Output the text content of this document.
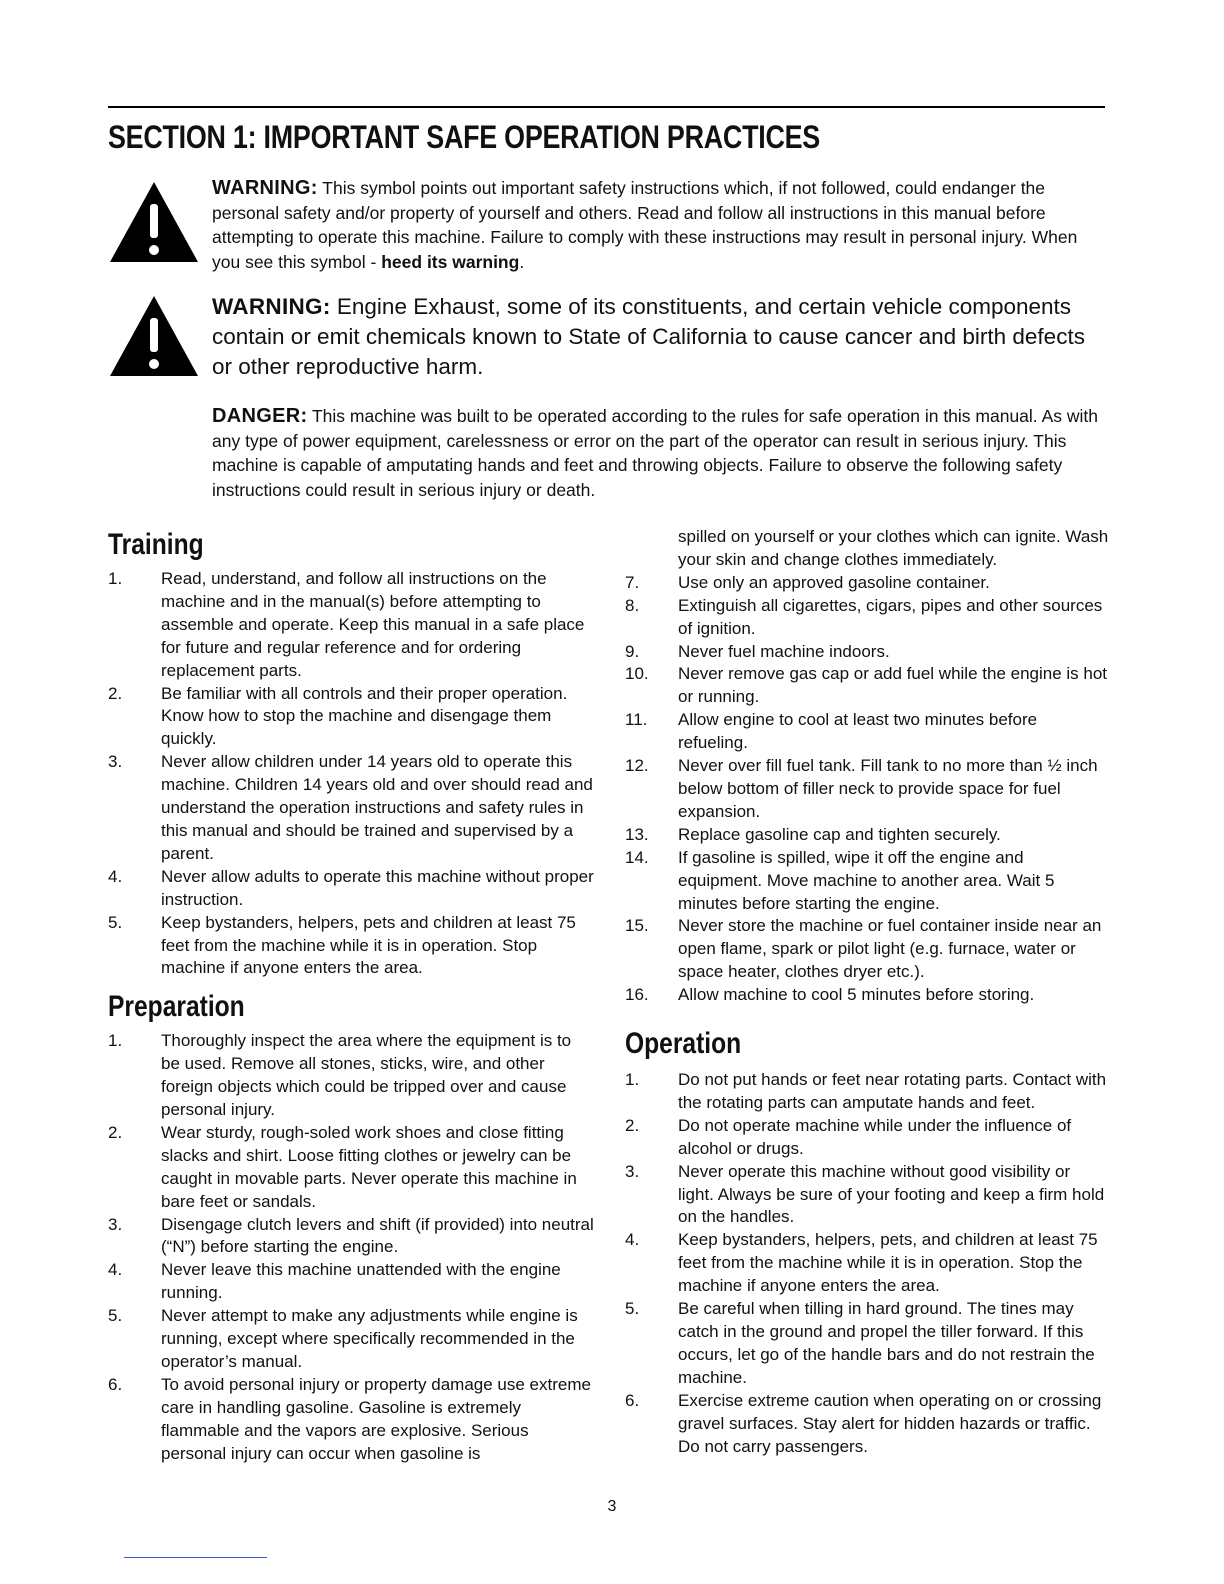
SECTION 1: IMPORTANT SAFE OPERATION PRACTICES
WARNING: This symbol points out important safety instructions which, if not followed, could endanger the personal safety and/or property of yourself and others. Read and follow all instructions in this manual before attempting to operate this machine. Failure to comply with these instructions may result in personal injury. When you see this symbol - heed its warning.
WARNING: Engine Exhaust, some of its constituents, and certain vehicle components contain or emit chemicals known to State of California to cause cancer and birth defects or other reproductive harm.
DANGER: This machine was built to be operated according to the rules for safe operation in this manual. As with any type of power equipment, carelessness or error on the part of the operator can result in serious injury. This machine is capable of amputating hands and feet and throwing objects. Failure to observe the following safety instructions could result in serious injury or death.
Training
1.	Read, understand, and follow all instructions on the machine and in the manual(s) before attempting to assemble and operate. Keep this manual in a safe place for future and regular reference and for ordering replacement parts.
2.	Be familiar with all controls and their proper operation. Know how to stop the machine and disengage them quickly.
3.	Never allow children under 14 years old to operate this machine. Children 14 years old and over should read and understand the operation instructions and safety rules in this manual and should be trained and supervised by a parent.
4.	Never allow adults to operate this machine without proper instruction.
5.	Keep bystanders, helpers, pets and children at least 75 feet from the machine while it is in operation. Stop machine if anyone enters the area.
Preparation
1.	Thoroughly inspect the area where the equipment is to be used. Remove all stones, sticks, wire, and other foreign objects which could be tripped over and cause personal injury.
2.	Wear sturdy, rough-soled work shoes and close fitting slacks and shirt. Loose fitting clothes or jewelry can be caught in movable parts. Never operate this machine in bare feet or sandals.
3.	Disengage clutch levers and shift (if provided) into neutral (“N”) before starting the engine.
4.	Never leave this machine unattended with the engine running.
5.	Never attempt to make any adjustments while engine is running, except where specifically recommended in the operator’s manual.
6.	To avoid personal injury or property damage use extreme care in handling gasoline. Gasoline is extremely flammable and the vapors are explosive. Serious personal injury can occur when gasoline is
spilled on yourself or your clothes which can ignite. Wash your skin and change clothes immediately.
7.	Use only an approved gasoline container.
8.	Extinguish all cigarettes, cigars, pipes and other sources of ignition.
9.	Never fuel machine indoors.
10.	Never remove gas cap or add fuel while the engine is hot or running.
11.	Allow engine to cool at least two minutes before refueling.
12.	Never over fill fuel tank. Fill tank to no more than ½ inch below bottom of filler neck to provide space for fuel expansion.
13.	Replace gasoline cap and tighten securely.
14.	If gasoline is spilled, wipe it off the engine and equipment. Move machine to another area. Wait 5 minutes before starting the engine.
15.	Never store the machine or fuel container inside near an open flame, spark or pilot light (e.g. furnace, water or space heater, clothes dryer etc.).
16.	Allow machine to cool 5 minutes before storing.
Operation
1.	Do not put hands or feet near rotating parts. Contact with the rotating parts can amputate hands and feet.
2.	Do not operate machine while under the influence of alcohol or drugs.
3.	Never operate this machine without good visibility or light. Always be sure of your footing and keep a firm hold on the handles.
4.	Keep bystanders, helpers, pets, and children at least 75 feet from the machine while it is in operation. Stop the machine if anyone enters the area.
5.	Be careful when tilling in hard ground. The tines may catch in the ground and propel the tiller forward. If this occurs, let go of the handle bars and do not restrain the machine.
6.	Exercise extreme caution when operating on or crossing gravel surfaces. Stay alert for hidden hazards or traffic. Do not carry passengers.
3
